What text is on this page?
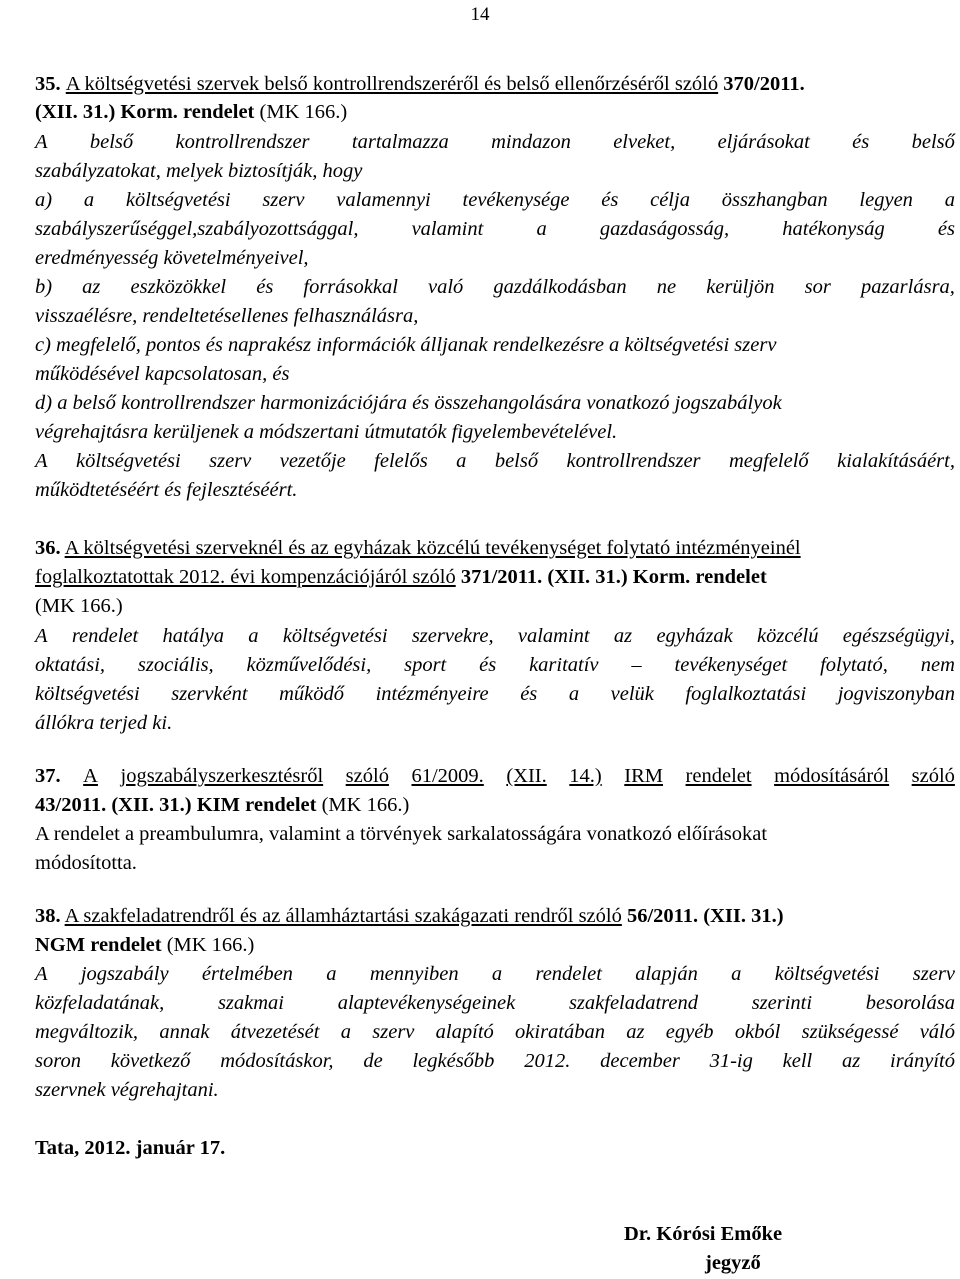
14
35. A költségvetési szervek belső kontrollrendszeréről és belső ellenőrzéséről szóló 370/2011.
(XII. 31.) Korm. rendelet (MK 166.)
A belső kontrollrendszer tartalmazza mindazon elveket, eljárásokat és belső
szabályzatokat, melyek biztosítják, hogy
a) a költségvetési szerv valamennyi tevékenysége és célja összhangban legyen a
szabályszerűséggel,szabályozottsággal,	valamint	a	gazdaságosság,	hatékonyság	és
eredményesség követelményeivel,
b) az eszközökkel és forrásokkal való gazdálkodásban ne kerüljön sor pazarlásra,
visszaélésre, rendeltetésellenes felhasználásra,
c) megfelelő, pontos és naprakész információk álljanak rendelkezésre a költségvetési szerv
működésével kapcsolatosan, és
d) a belső kontrollrendszer harmonizációjára és összehangolására vonatkozó jogszabályok
végrehajtásra kerüljenek a módszertani útmutatók figyelembevételével.
A költségvetési szerv vezetője felelős a belső kontrollrendszer megfelelő kialakításáért,
működtetéséért és fejlesztéséért.
36. A költségvetési szerveknél és az egyházak közcélú tevékenységet folytató intézményeinél
foglalkoztatottak 2012. évi kompenzációjáról szóló 371/2011. (XII. 31.) Korm. rendelet
(MK 166.)
A rendelet hatálya a költségvetési szervekre, valamint az egyházak közcélú egészségügyi,
oktatási, szociális, közművelődési, sport és karitatív – tevékenységet folytató, nem
költségvetési szervként működő intézményeire és a velük foglalkoztatási jogviszonyban
állókra terjed ki.
37. A jogszabályszerkesztésről szóló 61/2009. (XII. 14.) IRM rendelet módosításáról szóló
43/2011. (XII. 31.) KIM rendelet (MK 166.)
A rendelet a preambulumra, valamint a törvények sarkalatosságára vonatkozó előírásokat
módosította.
38. A szakfeladatrendről és az államháztartási szakágazati rendről szóló 56/2011. (XII. 31.)
NGM rendelet (MK 166.)
A jogszabály értelmében a mennyiben a rendelet alapján a költségvetési szerv
közfeladatának,	szakmai	alaptevékenységeinek	szakfeladatrend	szerinti	besorolása
megváltozik, annak átvezetését a szerv alapító okiratában az egyéb okból szükségessé váló
soron következő módosításkor, de legkésőbb 2012. december 31-ig kell az irányító
szervnek végrehajtani.
Tata, 2012. január 17.
Dr. Kórósi Emőke
jegyző
